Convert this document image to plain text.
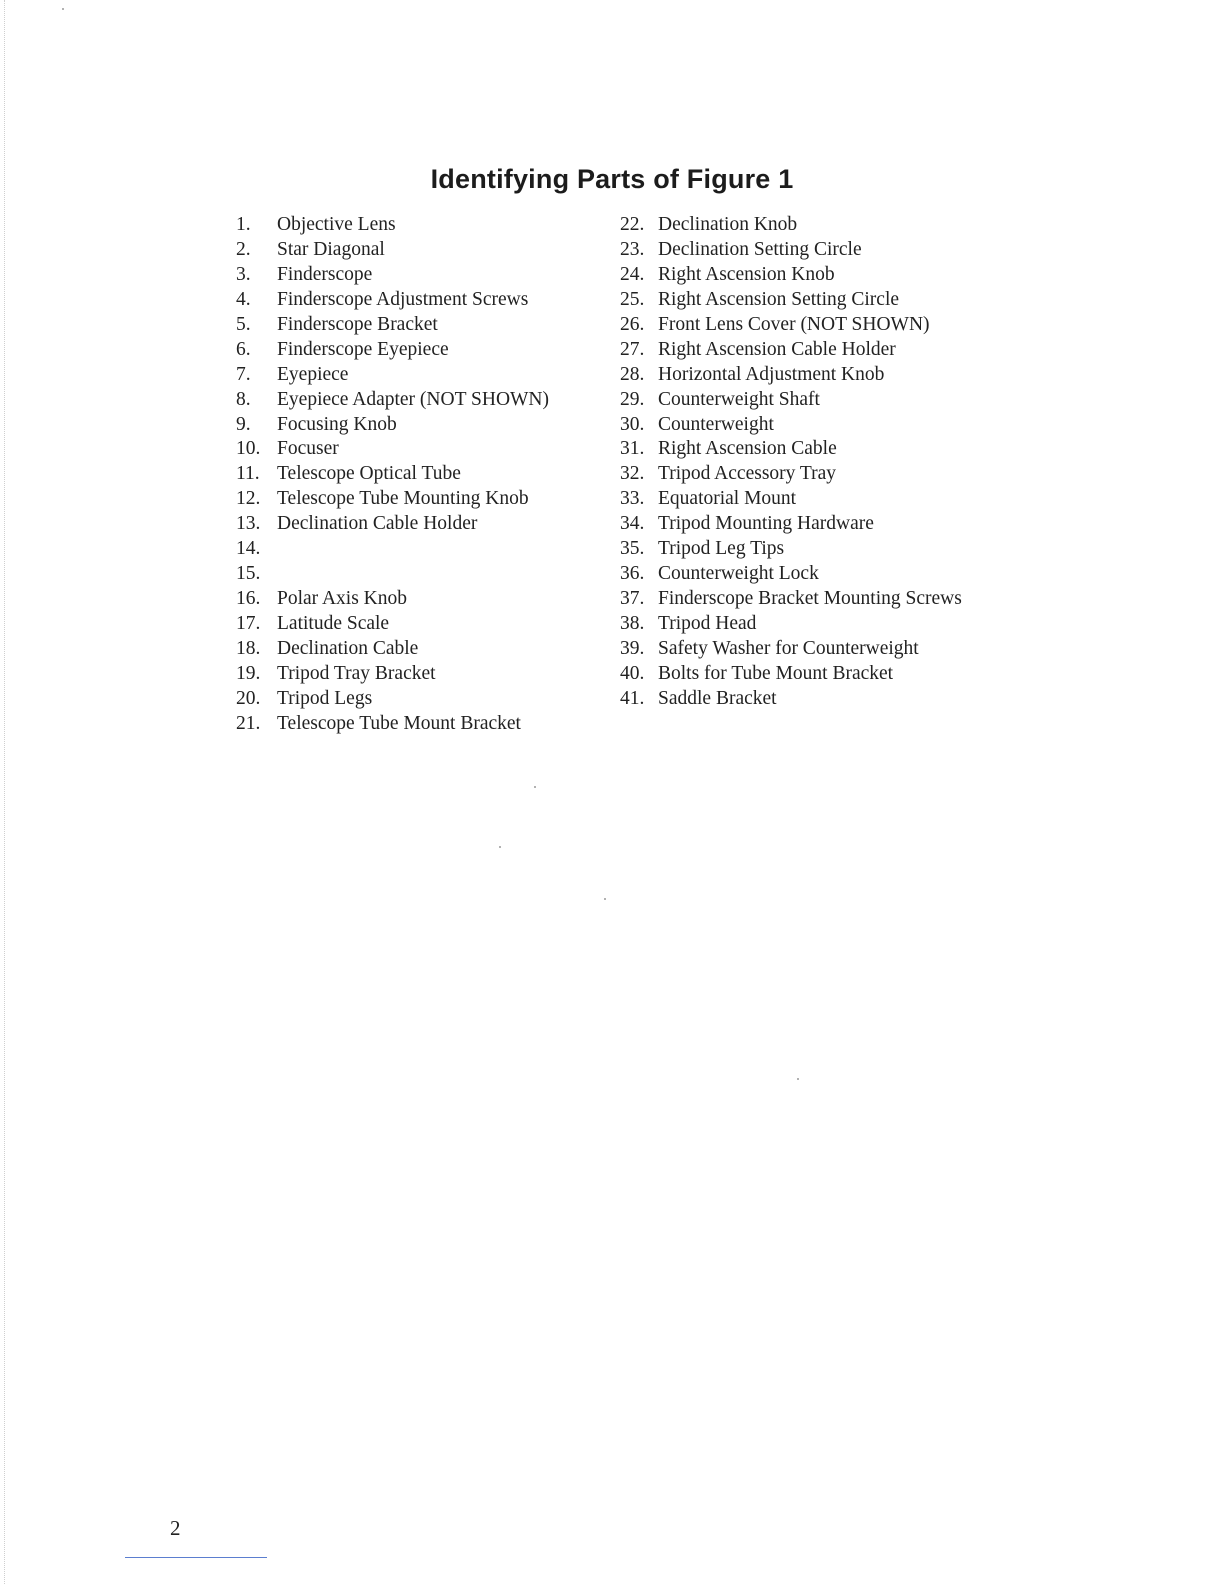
Identifying Parts of Figure 1
1. Objective Lens
2. Star Diagonal
3. Finderscope
4. Finderscope Adjustment Screws
5. Finderscope Bracket
6. Finderscope Eyepiece
7. Eyepiece
8. Eyepiece Adapter (NOT SHOWN)
9. Focusing Knob
10. Focuser
11. Telescope Optical Tube
12. Telescope Tube Mounting Knob
13. Declination Cable Holder
14.
15.
16. Polar Axis Knob
17. Latitude Scale
18. Declination Cable
19. Tripod Tray Bracket
20. Tripod Legs
21. Telescope Tube Mount Bracket
22. Declination Knob
23. Declination Setting Circle
24. Right Ascension Knob
25. Right Ascension Setting Circle
26. Front Lens Cover (NOT SHOWN)
27. Right Ascension Cable Holder
28. Horizontal Adjustment Knob
29. Counterweight Shaft
30. Counterweight
31. Right Ascension Cable
32. Tripod Accessory Tray
33. Equatorial Mount
34. Tripod Mounting Hardware
35. Tripod Leg Tips
36. Counterweight Lock
37. Finderscope Bracket Mounting Screws
38. Tripod Head
39. Safety Washer for Counterweight
40. Bolts for Tube Mount Bracket
41. Saddle Bracket
2
